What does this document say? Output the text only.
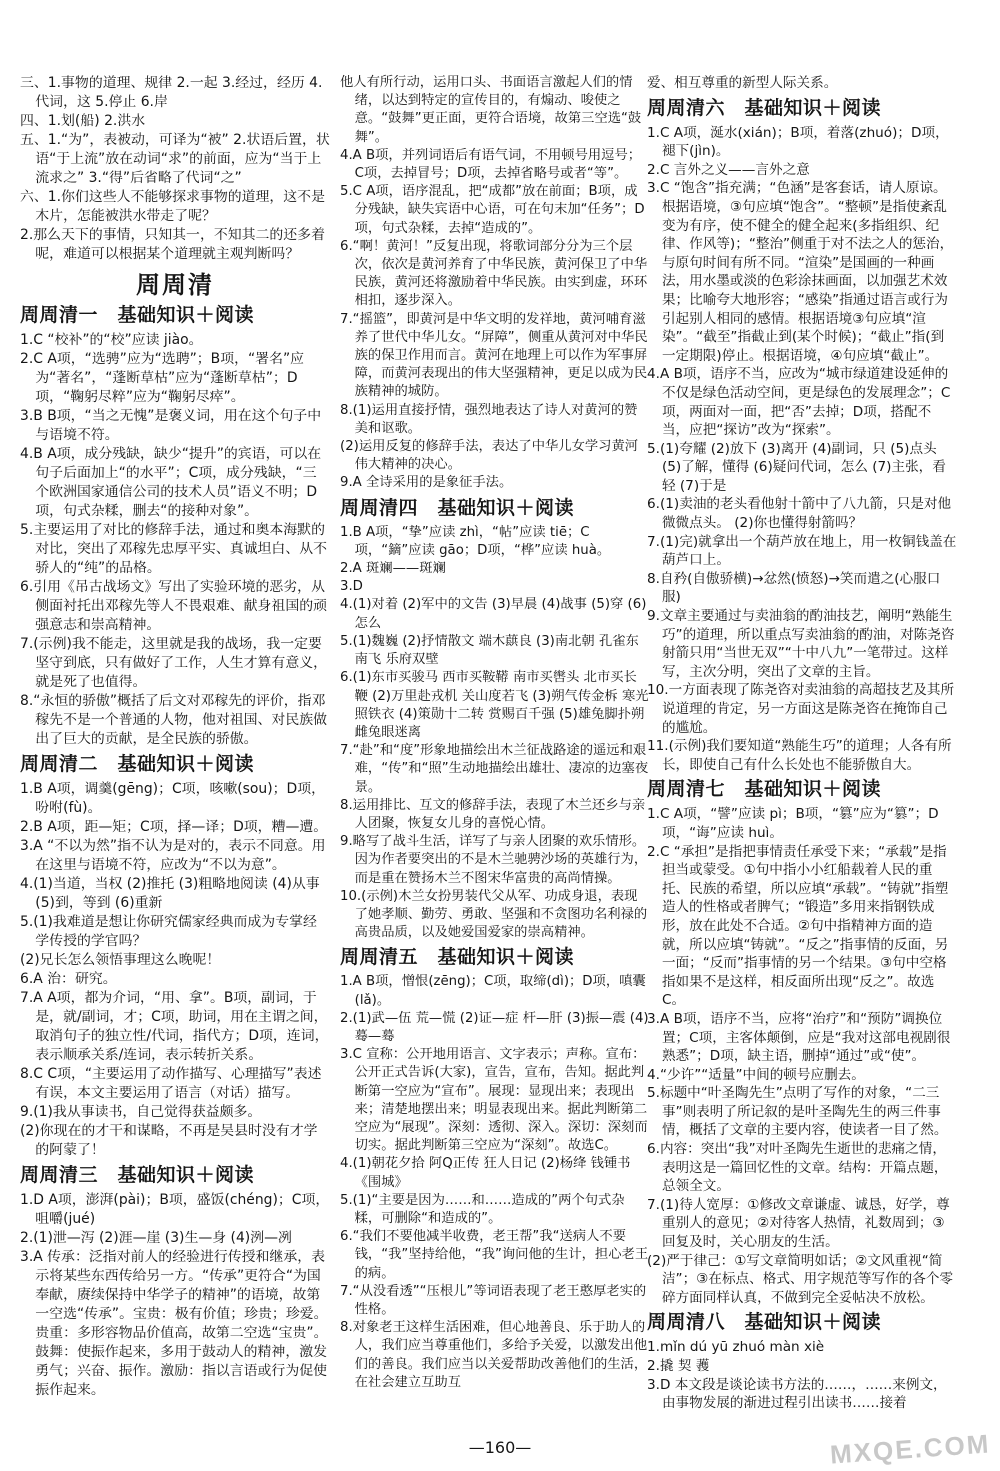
三、1.事物的道理、规律 2.一起 3.经过，经历 4.代词，这 5.停止 6.岸

四、1.划(船) 2.洪水

五、1.“为”，表被动，可译为“被” 2.状语后置，状语“于上流”放在动词“求”的前面，应为“当于上流求之” 3.“得”后省略了代词“之”

六、1.你们这些人不能够探求事物的道理，这不是木片，怎能被洪水带走了呢？

2.那么天下的事情，只知其一，不知其二的还多着呢，难道可以根据某个道理就主观判断吗？

周周清
周周清一　基础知识＋阅读

1.C “校补”的“校”应读 jiào。

2.C A项，“选骋”应为“选聘”；B项，“署名”应为“著名”，“蓬断草枯”应为“蓬断草枯”；D项，“鞠躬尽粹”应为“鞠躬尽瘁”。

3.B B项，“当之无愧”是褒义词，用在这个句子中与语境不符。

4.B A项，成分残缺，缺少“提升”的宾语，可以在句子后面加上“的水平”；C项，成分残缺，“三个欧洲国家通信公司的技术人员”语义不明；D项，句式杂糅，删去“的接种对象”。

5.主要运用了对比的修辞手法，通过和奥本海默的对比，突出了邓稼先忠厚平实、真诚坦白、从不骄人的“纯”的品格。

6.引用《吊古战场文》写出了实验环境的恶劣，从侧面衬托出邓稼先等人不畏艰难、献身祖国的顽强意志和崇高精神。

7.(示例)我不能走，这里就是我的战场，我一定要坚守到底，只有做好了工作，人生才算有意义，就是死了也值得。

8.“永恒的骄傲”概括了后文对邓稼先的评价，指邓稼先不是一个普通的人物，他对祖国、对民族做出了巨大的贡献，是全民族的骄傲。

周周清二　基础知识＋阅读

1.B A项，调羹(gēng)；C项，咳嗽(sou)；D项，吩咐(fù)。

2.B A项，距—矩；C项，择—译；D项，糟—遭。

3.A “不以为然”指不认为是对的，表示不同意。用在这里与语境不符，应改为“不以为意”。

4.(1)当道，当权 (2)推托 (3)粗略地阅读 (4)从事 (5)到，等到 (6)重新

5.(1)我难道是想让你研究儒家经典而成为专掌经学传授的学官吗？

(2)兄长怎么领悟事理这么晚呢！

6.A 治：研究。

7.A A项，都为介词，“用、拿”。B项，副词，于是，就/副词，才；C项，助词，用在主谓之间，取消句子的独立性/代词，指代方；D项，连词，表示顺承关系/连词，表示转折关系。

8.C C项，“主要运用了动作描写、心理描写”表述有误，本文主要运用了语言（对话）描写。

9.(1)我从事读书，自己觉得获益颇多。

(2)你现在的才干和谋略，不再是吴县时没有才学的阿蒙了！

周周清三　基础知识＋阅读

1.D A项，澎湃(pài)；B项，盛饭(chéng)；C项，咀嚼(jué)

2.(1)泄—泻 (2)涯—崖 (3)生—身 (4)洌—冽

3.A 传承：泛指对前人的经验进行传授和继承，表示将某些东西传给另一方。“传承”更符合“为国奉献，赓续保持中华学子的精神”的语境，故第一空选“传承”。宝贵：极有价值；珍贵；珍爱。贵重：多形容物品价值高，故第二空选“宝贵”。鼓舞：使振作起来，多用于鼓动人的精神，激发勇气；兴奋、振作。激励：指以言语或行为促使振作起来。

他人有所行动，运用口头、书面语言激起人们的情绪，以达到特定的宣传目的，有煽动、唆使之意。“鼓舞”更正面，更符合语境，故第三空选“鼓舞”。

4.A B项，并列词语后有语气词，不用顿号用逗号；C项，去掉冒号；D项，去掉省略号或者“等”。

5.C A项，语序混乱，把“成都”放在前面；B项，成分残缺，缺失宾语中心语，可在句末加“任务”；D项，句式杂糅，去掉“造成的”。

6.“啊！黄河！”反复出现，将歌词部分分为三个层次，依次是黄河养育了中华民族，黄河保卫了中华民族，黄河还将激励着中华民族。由实到虚，环环相扣，逐步深入。

7.“摇篮”，即黄河是中华文明的发祥地，黄河哺育滋养了世代中华儿女。“屏障”，侧重从黄河对中华民族的保卫作用而言。黄河在地理上可以作为军事屏障，而黄河表现出的伟大坚强精神，更足以成为民族精神的城防。

8.(1)运用直接抒情，强烈地表达了诗人对黄河的赞美和讴歌。

(2)运用反复的修辞手法，表达了中华儿女学习黄河伟大精神的决心。

9.A 全诗采用的是象征手法。

周周清四　基础知识＋阅读

1.B A项，“挚”应读 zhì，“帖”应读 tiē；C项，“鏑”应读 gāo；D项，“桦”应读 huà。

2.A 斑斓——斑斓

3.D

4.(1)对着 (2)军中的文告 (3)早晨 (4)战事 (5)穿 (6)怎么

5.(1)魏巍 (2)抒情散文 端木蕻良 (3)南北朝 孔雀东南飞 乐府双壁

6.(1)东市买骏马 西市买鞍鞯 南市买辔头 北市买长鞭 (2)万里赴戎机 关山度若飞 (3)朔气传金柝 寒光照铁衣 (4)策勋十二转 赏赐百千强 (5)雄兔脚扑朔 雌兔眼迷离

7.“赴”和“度”形象地描绘出木兰征战路途的遥远和艰难，“传”和“照”生动地描绘出雄壮、凄凉的边塞夜景。

8.运用排比、互文的修辞手法，表现了木兰还乡与亲人团聚，恢复女儿身的喜悦心情。

9.略写了战斗生活，详写了与亲人团聚的欢乐情形。因为作者要突出的不是木兰驰骋沙场的英雄行为，而是重在赞扬木兰不图宋华富贵的高尚情操。

10.(示例)木兰女扮男装代父从军、功成身退，表现了她孝顺、勤劳、勇敢、坚强和不贪图功名利禄的高贵品质，以及她爱国爱家的崇高精神。

周周清五　基础知识＋阅读

1.A B项，憎恨(zēng)；C项，取缔(dì)；D项，嗔囊(lǎ)。

2.(1)武—伍 荒—慌 (2)证—症 杆—肝 (3)振—震 (4)蓦—蓦

3.C 宣称：公开地用语言、文字表示；声称。宣布：公开正式告诉(大家)，宣告，宣布，告知。据此判断第一空应为“宣布”。展现：显现出来；表现出来；清楚地摆出来；明显表现出来。据此判断第二空应为“展现”。深刻：透彻、深入。深切：深刻而切实。据此判断第三空应为“深刻”。故选C。

4.(1)朝花夕拾 阿Q正传 狂人日记 (2)杨绛 钱锺书 《围城》

5.(1)“主要是因为……和……造成的”两个句式杂糅，可删除“和造成的”。

6.“我们不要他减半收费，老王帮”我“送病人不要钱，“我”坚持给他，“我”询问他的生计，担心老王的病。

7.“从没看透”“压根儿”等词语表现了老王憨厚老实的性格。

8.对象老王这样生活困难，但心地善良、乐于助人的人，我们应当尊重他们，多给予关爱，以激发出他们的善良。我们应当以关爱帮助改善他们的生活，在社会建立互助互

爱、相互尊重的新型人际关系。

周周清六　基础知识＋阅读

1.C A项，涎水(xián)；B项，着落(zhuó)；D项，褪下(jìn)。

2.C 言外之义——言外之意

3.C “饱含”指充满；“色涵”是客套话，请人原谅。根据语境，③句应填“饱含”。“整顿”是指使紊乱变为有序，使不健全的健全起来(多指组织、纪律、作风等)；“整治”侧重于对不法之人的惩治，与原句时间有所不同。“渲染”是国画的一种画法，用水墨或淡的色彩涂抹画面，以加强艺术效果；比喻夸大地形容；“感染”指通过语言或行为引起别人相同的感情。根据语境③句应填“渲染”。“截至”指截止到(某个时候)；“截止”指(到一定期限)停止。根据语境，④句应填“截止”。

4.A B项，语序不当，应改为“城市绿道建设延伸的不仅是绿色活动空间，更是绿色的发展理念”；C项，两面对一面，把“否”去掉；D项，搭配不当，应把“探访”改为“探索”。

5.(1)夸耀 (2)放下 (3)离开 (4)副词，只 (5)点头 (5)了解，懂得 (6)疑问代词，怎么 (7)主张，看轻 (7)于是

6.(1)卖油的老头看他射十箭中了八九箭，只是对他微微点头。 (2)你也懂得射箭吗？

7.(1)完)就拿出一个葫芦放在地上，用一枚铜钱盖在葫芦口上。

8.自矜(自傲骄横)→忿然(愤怒)→笑而遣之(心服口服)

9.文章主要通过与卖油翁的酌油技艺，阐明“熟能生巧”的道理，所以重点写卖油翁的酌油，对陈尧咨射箭只用“当世无双”“十中八九”一笔带过。这样写，主次分明，突出了文章的主旨。

10.一方面表现了陈尧咨对卖油翁的高超技艺及其所说道理的肯定，另一方面这是陈尧咨在掩饰自己的尴尬。

11.(示例)我们要知道“熟能生巧”的道理；人各有所长，即使自己有什么长处也不能骄傲自大。

周周清七　基础知识＋阅读

1.C A项，“譬”应读 pì；B项，“篡”应为“篡”；D项，“诲”应读 huì。

2.C “承担”是指把事情责任承受下来；“承载”是指担当或蒙受。①句中指小小红船载着人民的重托、民族的希望，所以应填“承载”。“铸就”指塑造人的性格或者脾气；“锻造”多用来指钢铁成形，放在此处不合适。②句中指精神方面的造就，所以应填“铸就”。“反之”指事情的反面，另一面；“反而”指事情的另一个结果。③句中空格指如果不是这样，相反面所出现“反之”。故选C。

3.A B项，语序不当，应将“治疗”和“预防”调换位置；C项，主客体颠倒，应是“我对这部电视剧很熟悉”；D项，缺主语，删掉“通过”或“使”。

4.“少许”“适量”中间的顿号应删去。

5.标题中“叶圣陶先生”点明了写作的对象，“二三事”则表明了所记叙的是叶圣陶先生的两三件事情，概括了文章的主要内容，使读者一目了然。

6.内容：突出“我”对叶圣陶先生逝世的悲痛之情，表明这是一篇回忆性的文章。结构：开篇点题，总领全文。

7.(1)待人宽厚：①修改文章谦虚、诚恳，好学，尊重别人的意见；②对待客人热情，礼数周到；③回复及时，关心朋友的生活。

(2)严于律己：①写文章简明如话；②文风重视“简洁”；③在标点、格式、用字规范等写作的各个零碎方面同样认真，不做到完全妥帖决不放松。

周周清八　基础知识＋阅读

1.mǐn dú yū zhuó màn xiè

2.撬 契 彟

3.D 本文段是谈论读书方法的……，……来例文，由事物发展的渐进过程引出读书……接着

—160—	MXQE.COM
